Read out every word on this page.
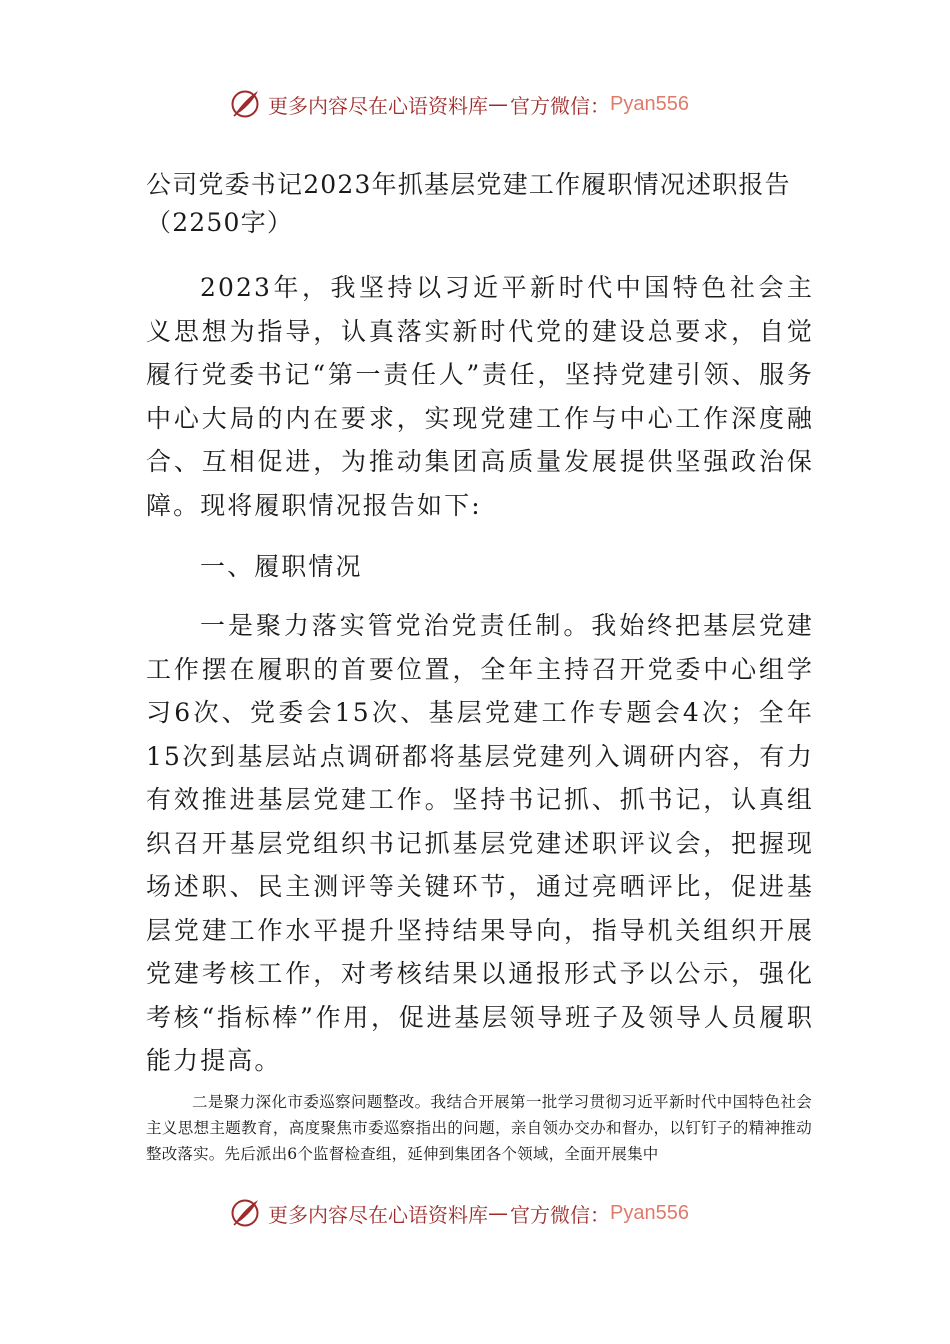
更多内容尽在心语资料库 — 官方微信： Pyan556
公司党委书记2023年抓基层党建工作履职情况述职报告
（2250字）

2023年，我坚持以习近平新时代中国特色社会主义思想为指导，认真落实新时代党的建设总要求，自觉履行党委书记“第一责任人”责任，坚持党建引领、服务中心大局的内在要求，实现党建工作与中心工作深度融合、互相促进，为推动集团高质量发展提供坚强政治保障。现将履职情况报告如下:

一、履职情况

一是聚力落实管党治党责任制。我始终把基层党建工作摆在履职的首要位置，全年主持召开党委中心组学习6次、党委会15次、基层党建工作专题会4次；全年15次到基层站点调研都将基层党建列入调研内容，有力有效推进基层党建工作。坚持书记抓、抓书记，认真组织召开基层党组织书记抓基层党建述职评议会，把握现场述职、民主测评等关键环节，通过亮晒评比，促进基层党建工作水平提升坚持结果导向，指导机关组织开展党建考核工作，对考核结果以通报形式予以公示，强化考核“指标棒”作用，促进基层领导班子及领导人员履职能力提高。

二是聚力深化市委巡察问题整改。我结合开展第一批学习贯彻习近平新时代中国特色社会主义思想主题教育，高度聚焦市委巡察指出的问题，亲自领办交办和督办，以钉钉子的精神推动整改落实。先后派出6个监督检查组，延伸到集团各个领域，全面开展集中

更多内容尽在心语资料库 — 官方微信： Pyan556
